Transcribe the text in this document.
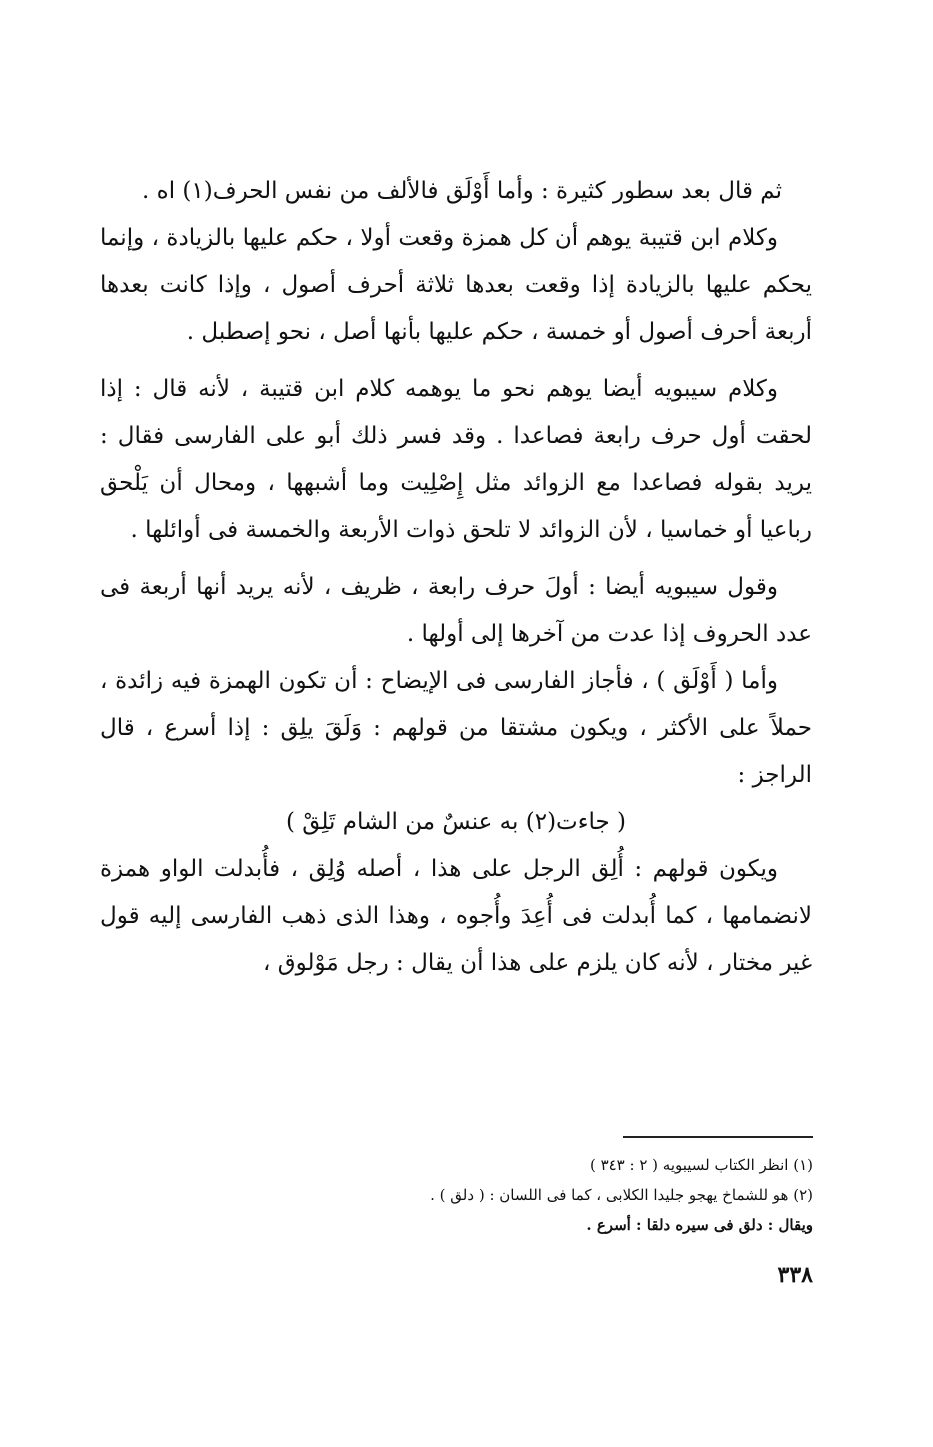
ثم قال بعد سطور كثيرة : وأما أَوْلَق فالألف من نفس الحرف(١) اه .

وكلام ابن قتيبة يوهم أن كل همزة وقعت أولا ، حكم عليها بالزيادة ، وإنما يحكم عليها بالزيادة إذا وقعت بعدها ثلاثة أحرف أصول ، وإذا كانت بعدها أربعة أحرف أصول أو خمسة ، حكم عليها بأنها أصل ، نحو إصطبل .

وكلام سيبويه أيضا يوهم نحو ما يوهمه كلام ابن قتيبة ، لأنه قال : إذا لحقت أول حرف رابعة فصاعدا . وقد فسر ذلك أبو على الفارسى فقال : يريد بقوله فصاعدا مع الزوائد مثل إِصْلِيت وما أشبهها ، ومحال أن يَلْحق رباعيا أو خماسيا ، لأن الزوائد لا تلحق ذوات الأربعة والخمسة فى أوائلها .

وقول سيبويه أيضا : أولَ حرف رابعة ، ظريف ، لأنه يريد أنها أربعة فى عدد الحروف إذا عدت من آخرها إلى أولها .

وأما ( أَوْلَق ) ، فأجاز الفارسى فى الإيضاح : أن تكون الهمزة فيه زائدة ، حملاً على الأكثر ، ويكون مشتقا من قولهم : وَلَقَ يلِق : إذا أسرع ، قال الراجز :

( جاءت(٢) به عنسٌ من الشام تَلِقْ )

ويكون قولهم : أُلِق الرجل على هذا ، أصله وُلِق ، فأُبدلت الواو همزة لانضمامها ، كما أُبدلت فى أُعِدَ وأُجوه ، وهذا الذى ذهب الفارسى إليه قول غير مختار ، لأنه كان يلزم على هذا أن يقال : رجل مَوْلوق ،

(١) انظر الكتاب لسيبويه ( ٢ : ٣٤٣ )

(٢) هو للشماخ يهجو جليدا الكلابى ، كما فى اللسان : ( دلق ) .

ويقال : دلق فى سيره دلقا : أسرع .

٣٣٨
